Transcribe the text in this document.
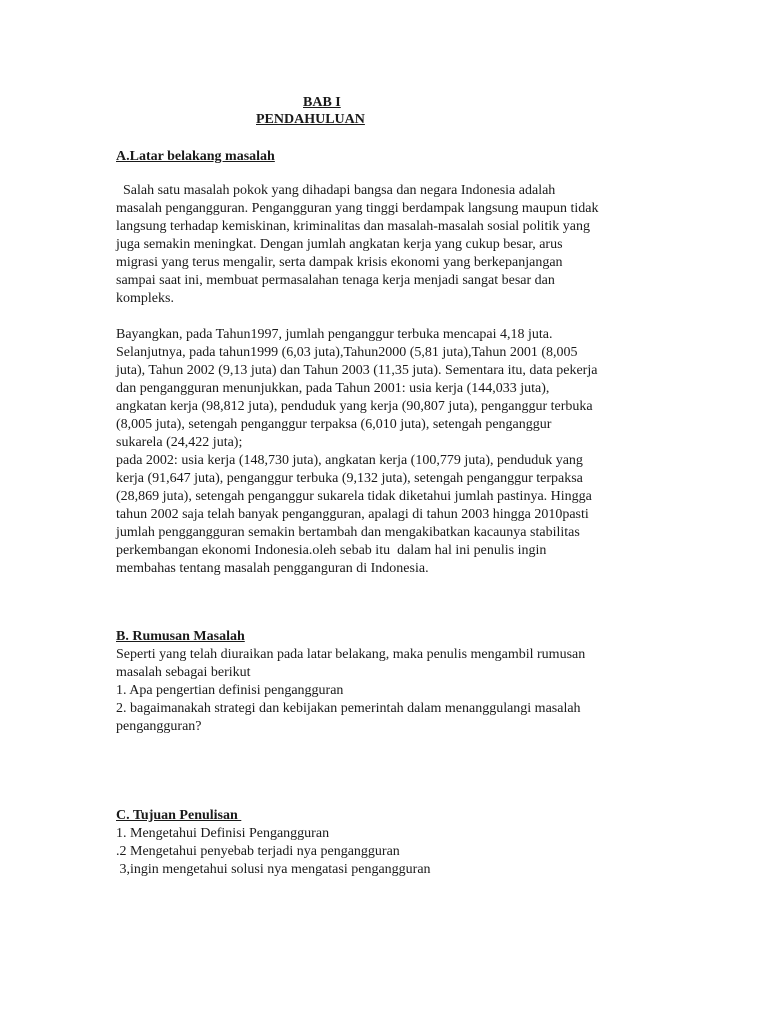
BAB I
PENDAHULUAN
A.Latar belakang masalah
Salah satu masalah pokok yang dihadapi bangsa dan negara Indonesia adalah
masalah pengangguran. Pengangguran yang tinggi berdampak langsung maupun tidak
langsung terhadap kemiskinan, kriminalitas dan masalah-masalah sosial politik yang
juga semakin meningkat. Dengan jumlah angkatan kerja yang cukup besar, arus
migrasi yang terus mengalir, serta dampak krisis ekonomi yang berkepanjangan
sampai saat ini, membuat permasalahan tenaga kerja menjadi sangat besar dan
kompleks.
Bayangkan, pada Tahun1997, jumlah penganggur terbuka mencapai 4,18 juta.
Selanjutnya, pada tahun1999 (6,03 juta),Tahun2000 (5,81 juta),Tahun 2001 (8,005
juta), Tahun 2002 (9,13 juta) dan Tahun 2003 (11,35 juta). Sementara itu, data pekerja
dan pengangguran menunjukkan, pada Tahun 2001: usia kerja (144,033 juta),
angkatan kerja (98,812 juta), penduduk yang kerja (90,807 juta), penganggur terbuka
(8,005 juta), setengah penganggur terpaksa (6,010 juta), setengah penganggur
sukarela (24,422 juta);
pada 2002: usia kerja (148,730 juta), angkatan kerja (100,779 juta), penduduk yang
kerja (91,647 juta), penganggur terbuka (9,132 juta), setengah penganggur terpaksa
(28,869 juta), setengah penganggur sukarela tidak diketahui jumlah pastinya. Hingga
tahun 2002 saja telah banyak pengangguran, apalagi di tahun 2003 hingga 2010pasti
jumlah penggangguran semakin bertambah dan mengakibatkan kacaunya stabilitas
perkembangan ekonomi Indonesia.oleh sebab itu  dalam hal ini penulis ingin
membahas tentang masalah pengganguran di Indonesia.
B. Rumusan Masalah
Seperti yang telah diuraikan pada latar belakang, maka penulis mengambil rumusan
masalah sebagai berikut
1. Apa pengertian definisi pengangguran
2. bagaimanakah strategi dan kebijakan pemerintah dalam menanggulangi masalah
pengangguran?
C. Tujuan Penulisan
1. Mengetahui Definisi Pengangguran
.2 Mengetahui penyebab terjadi nya pengangguran
3,ingin mengetahui solusi nya mengatasi pengangguran
